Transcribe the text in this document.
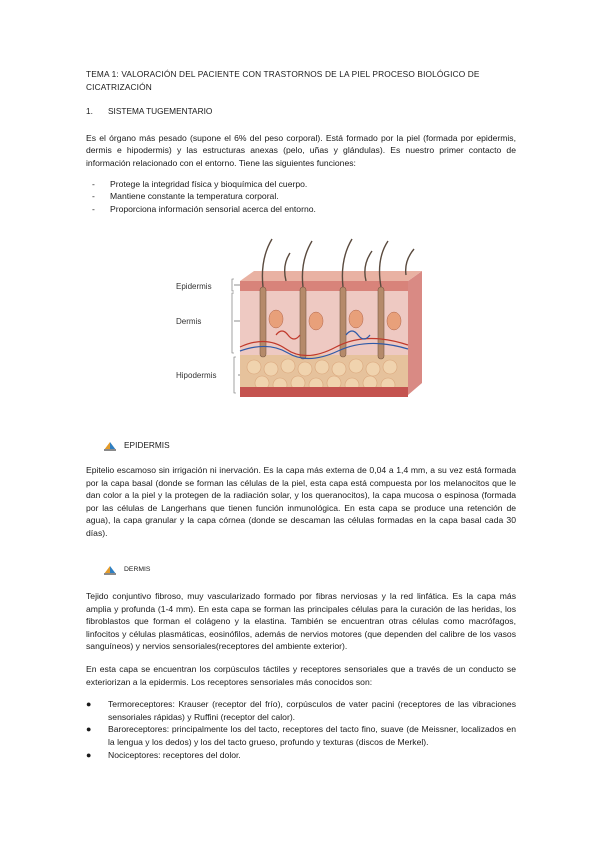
TEMA 1: VALORACIÓN DEL PACIENTE CON TRASTORNOS DE LA PIEL PROCESO BIOLÓGICO DE CICATRIZACIÓN
1.	SISTEMA TUGEMENTARIO

Es el órgano más pesado (supone el 6% del peso corporal). Está formado por la piel (formada por epidermis, dermis e hipodermis) y las estructuras anexas (pelo, uñas y glándulas). Es nuestro primer contacto de información relacionado con el entorno. Tiene las siguientes funciones:

-	Protege la integridad física y bioquímica del cuerpo.
-	Mantiene constante la temperatura corporal.
-	Proporciona información sensorial acerca del entorno.
Epidermis
Dermis
Hipodermis
EPIDERMIS

Epitelio escamoso sin irrigación ni inervación. Es la capa más externa de 0,04 a 1,4 mm, a su vez está formada por la capa basal (donde se forman las células de la piel, esta capa está compuesta por los melanocitos que le dan color a la piel y la protegen de la radiación solar, y los queranocitos), la capa mucosa o espinosa (formada por las células de Langerhans que tienen función inmunológica. En esta capa se produce una retención de agua), la capa granular y la capa córnea (donde se descaman las células formadas en la capa basal cada 30 días).

DERMIS

Tejido conjuntivo fibroso, muy vascularizado formado por fibras nerviosas y la red linfática. Es la capa más amplia y profunda (1-4 mm). En esta capa se forman las principales células para la curación de las heridas, los fibroblastos que forman el colágeno y la elastina. También se encuentran otras células como macrófagos, linfocitos y células plasmáticas, eosinófilos, además de nervios motores (que dependen del calibre de los vasos sanguíneos) y nervios sensoriales(receptores del ambiente exterior).

En esta capa se encuentran los corpúsculos táctiles y receptores sensoriales que a través de un conducto se exteriorizan a la epidermis. Los receptores sensoriales más conocidos son:

●	Termoreceptores: Krauser (receptor del frío), corpúsculos de vater pacini (receptores de las vibraciones sensoriales rápidas) y Ruffini (receptor del calor).
●	Baroreceptores: principalmente los del tacto, receptores del tacto fino, suave (de Meissner, localizados en la lengua y los dedos) y los del tacto grueso, profundo y texturas (discos de Merkel).
●	Nociceptores: receptores del dolor.
